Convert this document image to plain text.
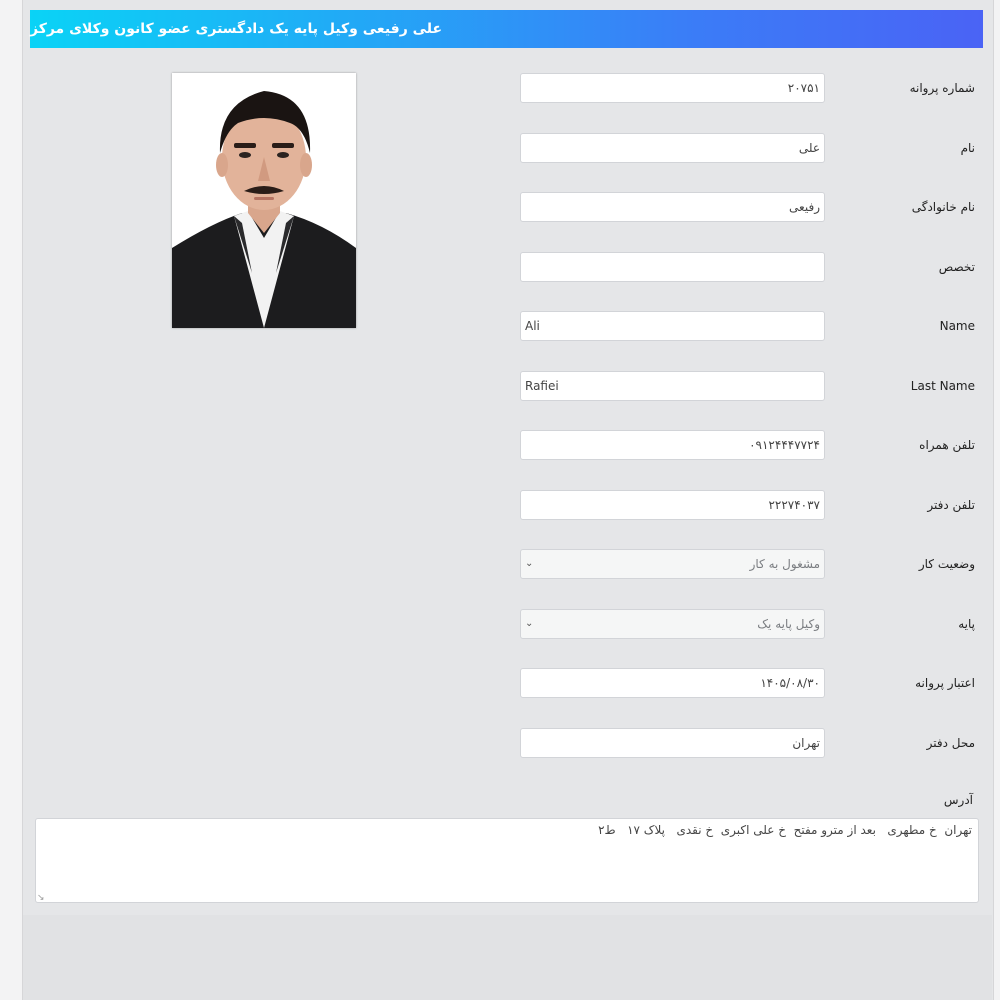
علی رفیعی وکیل پایه یک دادگستری عضو کانون وکلای مرکز
شماره پروانه
۲۰۷۵۱
نام
علی
نام خانوادگی
رفیعی
تخصص
Name
Ali
Last Name
Rafiei
تلفن همراه
۰۹۱۲۴۴۴۷۷۲۴
تلفن دفتر
۲۲۲۷۴۰۳۷
وضعیت کار
مشغول به کار
⌄
پایه
وکیل پایه یک
⌄
اعتبار پروانه
۱۴۰۵/۰۸/۳۰
محل دفتر
تهران
آدرس
تهران  خ مطهری   بعد از مترو مفتح  خ علی اکبری  خ نقدی   پلاک ۱۷   ط۲
↘
